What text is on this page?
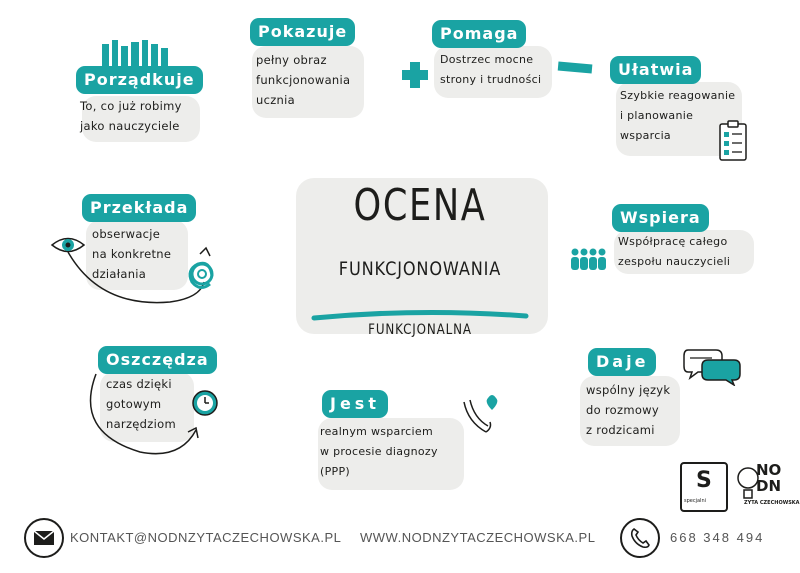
OCENA
FUNKCJONOWANIA
FUNKCJONALNA
Porządkuje
To, co już robimy
jako nauczyciele
Pokazuje
pełny obraz
funkcjonowania
ucznia
Pomaga
Dostrzec mocne
strony i trudności
Ułatwia
Szybkie reagowanie
i planowanie
wsparcia
Przekłada
obserwacje
na konkretne
działania
Wspiera
Współpracę całego
zespołu nauczycieli
Oszczędza
czas dzięki
gotowym
narzędziom
Jest
realnym wsparciem
w procesie diagnozy
(PPP)
Daje
wspólny język
do rozmowy
z rodzicami
S
specjalni
NO DN
ZYTA CZECHOWSKA
KONTAKT@NODNZYTACZECHOWSKA.PL WWW.NODNZYTACZECHOWSKA.PL	668 348 494
